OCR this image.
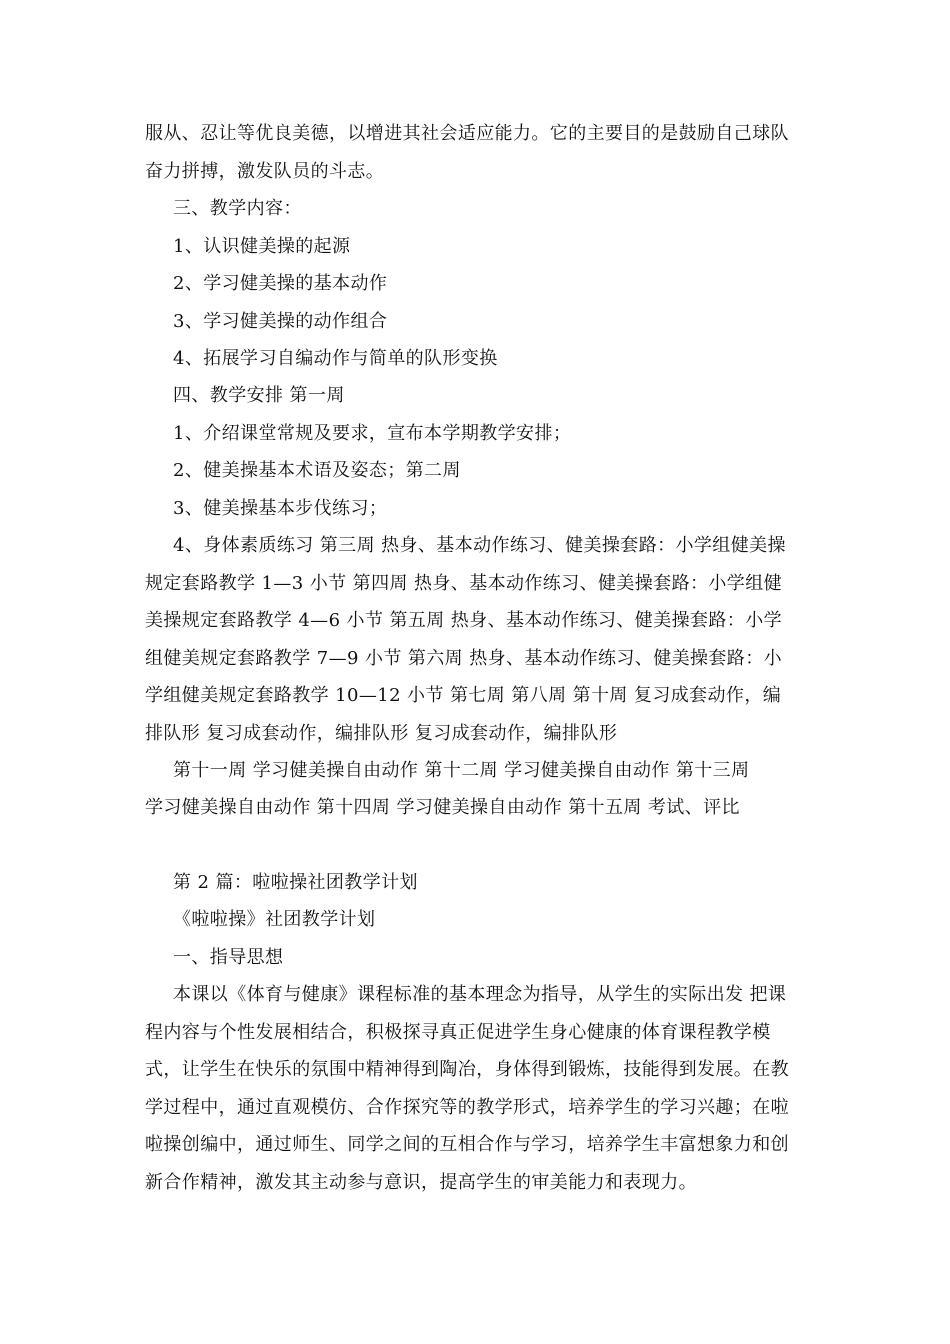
服从、忍让等优良美德，以增进其社会适应能力。它的主要目的是鼓励自己球队
奋力拼搏，激发队员的斗志。
三、教学内容：
1、认识健美操的起源
2、学习健美操的基本动作
3、学习健美操的动作组合
4、拓展学习自编动作与简单的队形变换
四、教学安排 第一周
1、介绍课堂常规及要求，宣布本学期教学安排；
2、健美操基本术语及姿态；第二周
3、健美操基本步伐练习；
4、身体素质练习 第三周 热身、基本动作练习、健美操套路：小学组健美操
规定套路教学 1—3 小节 第四周 热身、基本动作练习、健美操套路：小学组健
美操规定套路教学 4—6 小节 第五周 热身、基本动作练习、健美操套路：小学
组健美规定套路教学 7—9 小节 第六周 热身、基本动作练习、健美操套路：小
学组健美规定套路教学 10—12 小节 第七周 第八周 第十周 复习成套动作，编
排队形 复习成套动作，编排队形 复习成套动作，编排队形
第十一周 学习健美操自由动作 第十二周 学习健美操自由动作 第十三周
学习健美操自由动作 第十四周 学习健美操自由动作 第十五周 考试、评比
第 2 篇：啦啦操社团教学计划
《啦啦操》社团教学计划
一、指导思想
本课以《体育与健康》课程标准的基本理念为指导，从学生的实际出发 把课
程内容与个性发展相结合，积极探寻真正促进学生身心健康的体育课程教学模
式，让学生在快乐的氛围中精神得到陶冶，身体得到锻炼，技能得到发展。在教
学过程中，通过直观模仿、合作探究等的教学形式，培养学生的学习兴趣；在啦
啦操创编中，通过师生、同学之间的互相合作与学习，培养学生丰富想象力和创
新合作精神，激发其主动参与意识，提高学生的审美能力和表现力。
